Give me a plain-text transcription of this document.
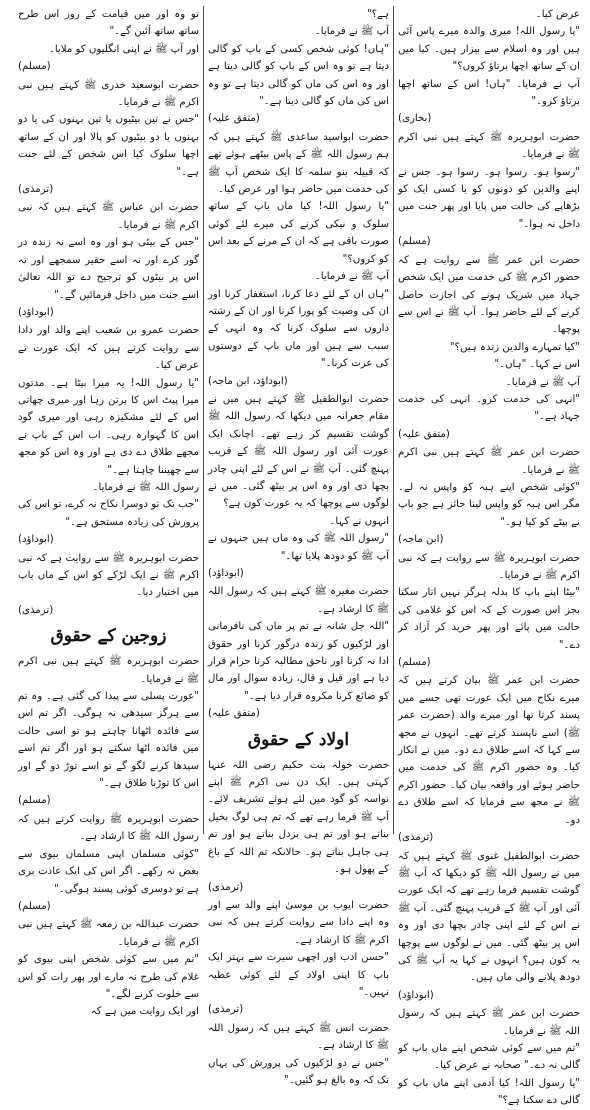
عرض کیا۔

"یا رسول اللہ! میری والدہ میرے پاس آئی ہیں اور وہ اسلام سے بیزار ہیں۔ کیا میں ان کے ساتھ اچھا برتاؤ کروں؟"

آپ نے فرمایا۔ "ہاں! اس کے ساتھ اچھا برتاؤ کرو۔"

(بخاری)

حضرت ابوہریرہ ﷺ کہتے ہیں نبی اکرم ﷺ نے فرمایا۔

"رسوا ہو۔ رسوا ہو۔ رسوا ہو۔ جس نے اپنے والدین کو دونوں کو یا کسی ایک کو بڑھاپے کی حالت میں پایا اور پھر جنت میں داخل نہ ہوا۔"

(مسلم)

حضرت ابن عمر ﷺ سے روایت ہے کہ حضور اکرم ﷺ کی خدمت میں ایک شخص جہاد میں شریک ہونے کی اجازت حاصل کرنے کے لئے حاضر ہوا۔ آپ ﷺ نے اس سے پوچھا۔

"کیا تمہارے والدین زندہ ہیں؟"

اس نے کہا۔ "ہاں۔"

آپ ﷺ نے فرمایا۔

"انہی کی خدمت کرو۔ انہی کی خدمت جہاد ہے۔"

(متفق علیہ)

حضرت ابن عمر ﷺ کہتے ہیں نبی اکرم ﷺ نے فرمایا۔

"کوئی شخص اپنے ہبہ کو واپس نہ لے۔ مگر اس ہبہ کو واپس لینا جائز ہے جو باپ نے بیٹے کو کیا ہو۔"

(ابن ماجہ)

حضرت ابوہریرہ ﷺ سے روایت ہے کہ نبی اکرم ﷺ نے فرمایا۔

"بیٹا اپنے باپ کا بدلہ ہرگز نہیں اتار سکتا بجز اس صورت کے کہ اس کو غلامی کی حالت میں پائے اور پھر خرید کر آزاد کر دے۔"

(مسلم)

حضرت ابن عمر ﷺ بیان کرتے ہیں کہ میرے نکاح میں ایک عورت تھی جسے میں پسند کرتا تھا اور میرے والد (حضرت عمر ﷺ) اسے ناپسند کرتے تھے۔ انہوں نے مجھ سے کہا کہ اسے طلاق دے دو۔ میں نے انکار کیا۔ وہ حضور اکرم ﷺ کی خدمت میں حاضر ہوئے اور واقعہ بیان کیا۔ حضور اکرم ﷺ نے مجھ سے فرمایا کہ اسے طلاق دے دو۔

(ترمذی)

حضرت ابوالطفیل غنوی ﷺ کہتے ہیں کہ میں نے رسول اللہ ﷺ کو دیکھا کہ آپ ﷺ گوشت تقسیم فرما رہے تھے کہ ایک عورت آئی اور آپ ﷺ کے قریب پہنچ گئی۔ آپ ﷺ نے اس کے لئے اپنی چادر بچھا دی اور وہ اس پر بیٹھ گئی۔ میں نے لوگوں سے پوچھا یہ کون ہیں؟ انہوں نے کہا یہ آپ ﷺ کی دودھ پلانے والی ماں ہیں۔

(ابوداؤد)

حضرت ابن عمر ﷺ کہتے ہیں کہ رسول اللہ ﷺ نے فرمایا۔

"تم میں سے کوئی شخص اپنے ماں باپ کو گالی نہ دے۔" صحابہ نے عرض کیا۔

"یا رسول اللہ! کیا آدمی اپنے ماں باپ کو گالی دے سکتا ہے؟"

ہے؟"

آپ ﷺ نے فرمایا۔

"ہاں! کوئی شخص کسی کے باپ کو گالی دیتا ہے تو وہ اس کے باپ کو گالی دیتا ہے اور وہ اس کی ماں کو گالی دیتا ہے تو وہ اس کی ماں کو گالی دیتا ہے۔"

(متفق علیہ)

حضرت ابواسید ساعدی ﷺ کہتے ہیں کہ ہم رسول اللہ ﷺ کے پاس بیٹھے ہوئے تھے کہ قبیلہ بنو سلمہ کا ایک شخص آپ ﷺ کی خدمت میں حاضر ہوا اور عرض کیا۔

"یا رسول اللہ! کیا ماں باپ کے ساتھ سلوک و نیکی کرنے کی میرے لئے کوئی صورت باقی ہے کہ ان کے مرنے کے بعد اس کو کروں؟"

آپ ﷺ نے فرمایا۔

"ہاں ان کے لئے دعا کرنا، استغفار کرنا اور ان کی وصیت کو پورا کرنا اور ان کے رشتہ داروں سے سلوک کرنا کہ وہ انہی کے سبب سے ہیں اور ماں باپ کے دوستوں کی عزت کرنا۔"

(ابوداؤد، ابن ماجہ)

حضرت ابوالطفیل ﷺ کہتے ہیں میں نے مقام جعرانہ میں دیکھا کہ رسول اللہ ﷺ گوشت تقسیم کر رہے تھے۔ اچانک ایک عورت آئی اور رسول اللہ ﷺ کے قریب پہنچ گئی۔ آپ ﷺ نے اس کے لئے اپنی چادر بچھا دی اور وہ اس پر بیٹھ گئی۔ میں نے لوگوں سے پوچھا کہ یہ عورت کون ہے؟

انہوں نے کہا۔

"رسول اللہ ﷺ کی وہ ماں ہیں جنہوں نے آپ ﷺ کو دودھ پلایا تھا۔"

(ابوداؤد)

حضرت مغیرہ ﷺ کہتے ہیں کہ رسول اللہ ﷺ کا ارشاد ہے۔

"اللہ جل شانہ نے تم پر ماں کی نافرمانی اور لڑکیوں کو زندہ درگور کرنا اور حقوق ادا نہ کرنا اور ناحق مطالبہ کرنا حرام قرار دیا ہے اور قیل و قال، زیادہ سوال اور مال کو ضائع کرنا مکروہ قرار دیا ہے۔"

(متفق علیہ)
اولاد کے حقوق

حضرت خولہ بنت حکیم رضی اللہ عنہا کہتی ہیں۔ ایک دن نبی اکرم ﷺ اپنے نواسہ کو گود میں لئے ہوئے تشریف لائے۔ آپ ﷺ فرما رہے تھے کہ تم ہی لوگ بخیل بناتے ہو اور تم ہی بزدل بناتے ہو اور تم ہی جاہل بناتے ہو۔ حالانکہ تم اللہ کے باغ کے پھول ہو۔

(ترمذی)

حضرت ایوب بن موسیٰ اپنے والد سے اور وہ اپنے دادا سے روایت کرتے ہیں کہ نبی اکرم ﷺ کا ارشاد ہے۔

"حسن ادب اور اچھی سیرت سے بہتر ایک باپ کا اپنی اولاد کے لئے کوئی عطیہ نہیں۔"

(ترمذی)

حضرت انس ﷺ کہتے ہیں کہ رسول اللہ ﷺ کا ارشاد ہے۔

"جس نے دو لڑکیوں کی پرورش کی یہاں تک کہ وہ بالغ ہو گئیں۔"

تو وہ اور میں قیامت کے روز اس طرح ساتھ ساتھ آئیں گے۔"

اور آپ ﷺ نے اپنی انگلیوں کو ملایا۔

(مسلم)

حضرت ابوسعید خدری ﷺ کہتے ہیں نبی اکرم ﷺ نے فرمایا۔

"جس نے تین بیٹیوں یا تین بہنوں کی یا دو بہنوں یا دو بیٹیوں کو پالا اور ان کے ساتھ اچھا سلوک کیا اس شخص کے لئے جنت ہے۔"

(ترمذی)

حضرت ابن عباس ﷺ کہتے ہیں کہ نبی اکرم ﷺ نے فرمایا۔

"جس کے بیٹی ہو اور وہ اسے نہ زندہ در گور کرے اور نہ اسے حقیر سمجھے اور نہ اس پر بیٹوں کو ترجیح دے تو اللہ تعالیٰ اسے جنت میں داخل فرمائیں گے۔"

(ابوداؤد)

حضرت عمرو بن شعیب اپنے والد اور دادا سے روایت کرتے ہیں کہ ایک عورت نے عرض کیا۔

"یا رسول اللہ! یہ میرا بیٹا ہے۔ مدتوں میرا پیٹ اس کا برتن رہا اور میری چھاتی اس کے لئے مشکیزہ رہی اور میری گود اس کا گہوارہ رہی۔ اب اس کے باپ نے مجھے طلاق دے دی ہے اور وہ اس کو مجھ سے چھیننا چاہتا ہے۔"

رسول اللہ ﷺ نے فرمایا۔

"جب تک تو دوسرا نکاح نہ کرے، تو اس کی پرورش کی زیادہ مستحق ہے۔"

(ابوداؤد)

حضرت ابوہریرہ ﷺ سے روایت ہے کہ نبی اکرم ﷺ نے ایک لڑکے کو اس کے ماں باپ میں اختیار دیا۔

(ترمذی)
زوجین کے حقوق

حضرت ابوہریرہ ﷺ کہتے ہیں نبی اکرم ﷺ نے فرمایا۔

"عورت پسلی سے پیدا کی گئی ہے۔ وہ تم سے ہرگز سیدھی نہ ہوگی۔ اگر تم اس سے فائدہ اٹھانا چاہتے ہو تو اسی حالت میں فائدہ اٹھا سکتے ہو اور اگر تم اسے سیدھا کرنے لگو گے تو اسے توڑ دو گے اور اس کا توڑنا طلاق ہے۔"

(مسلم)

حضرت ابوہریرہ ﷺ روایت کرتے ہیں کہ رسول اللہ ﷺ کا ارشاد ہے۔

"کوئی مسلمان اپنی مسلمان بیوی سے بغض نہ رکھے۔ اگر اس کی ایک عادت بری ہے تو دوسری کوئی پسند ہوگی۔"

(مسلم)

حضرت عبداللہ بن زمعہ ﷺ کہتے ہیں نبی اکرم ﷺ نے فرمایا۔

"تم میں سے کوئی شخص اپنی بیوی کو غلام کی طرح نہ مارے اور پھر رات کو اس سے خلوت کرنے لگے۔"

اور ایک روایت میں ہے کہ
